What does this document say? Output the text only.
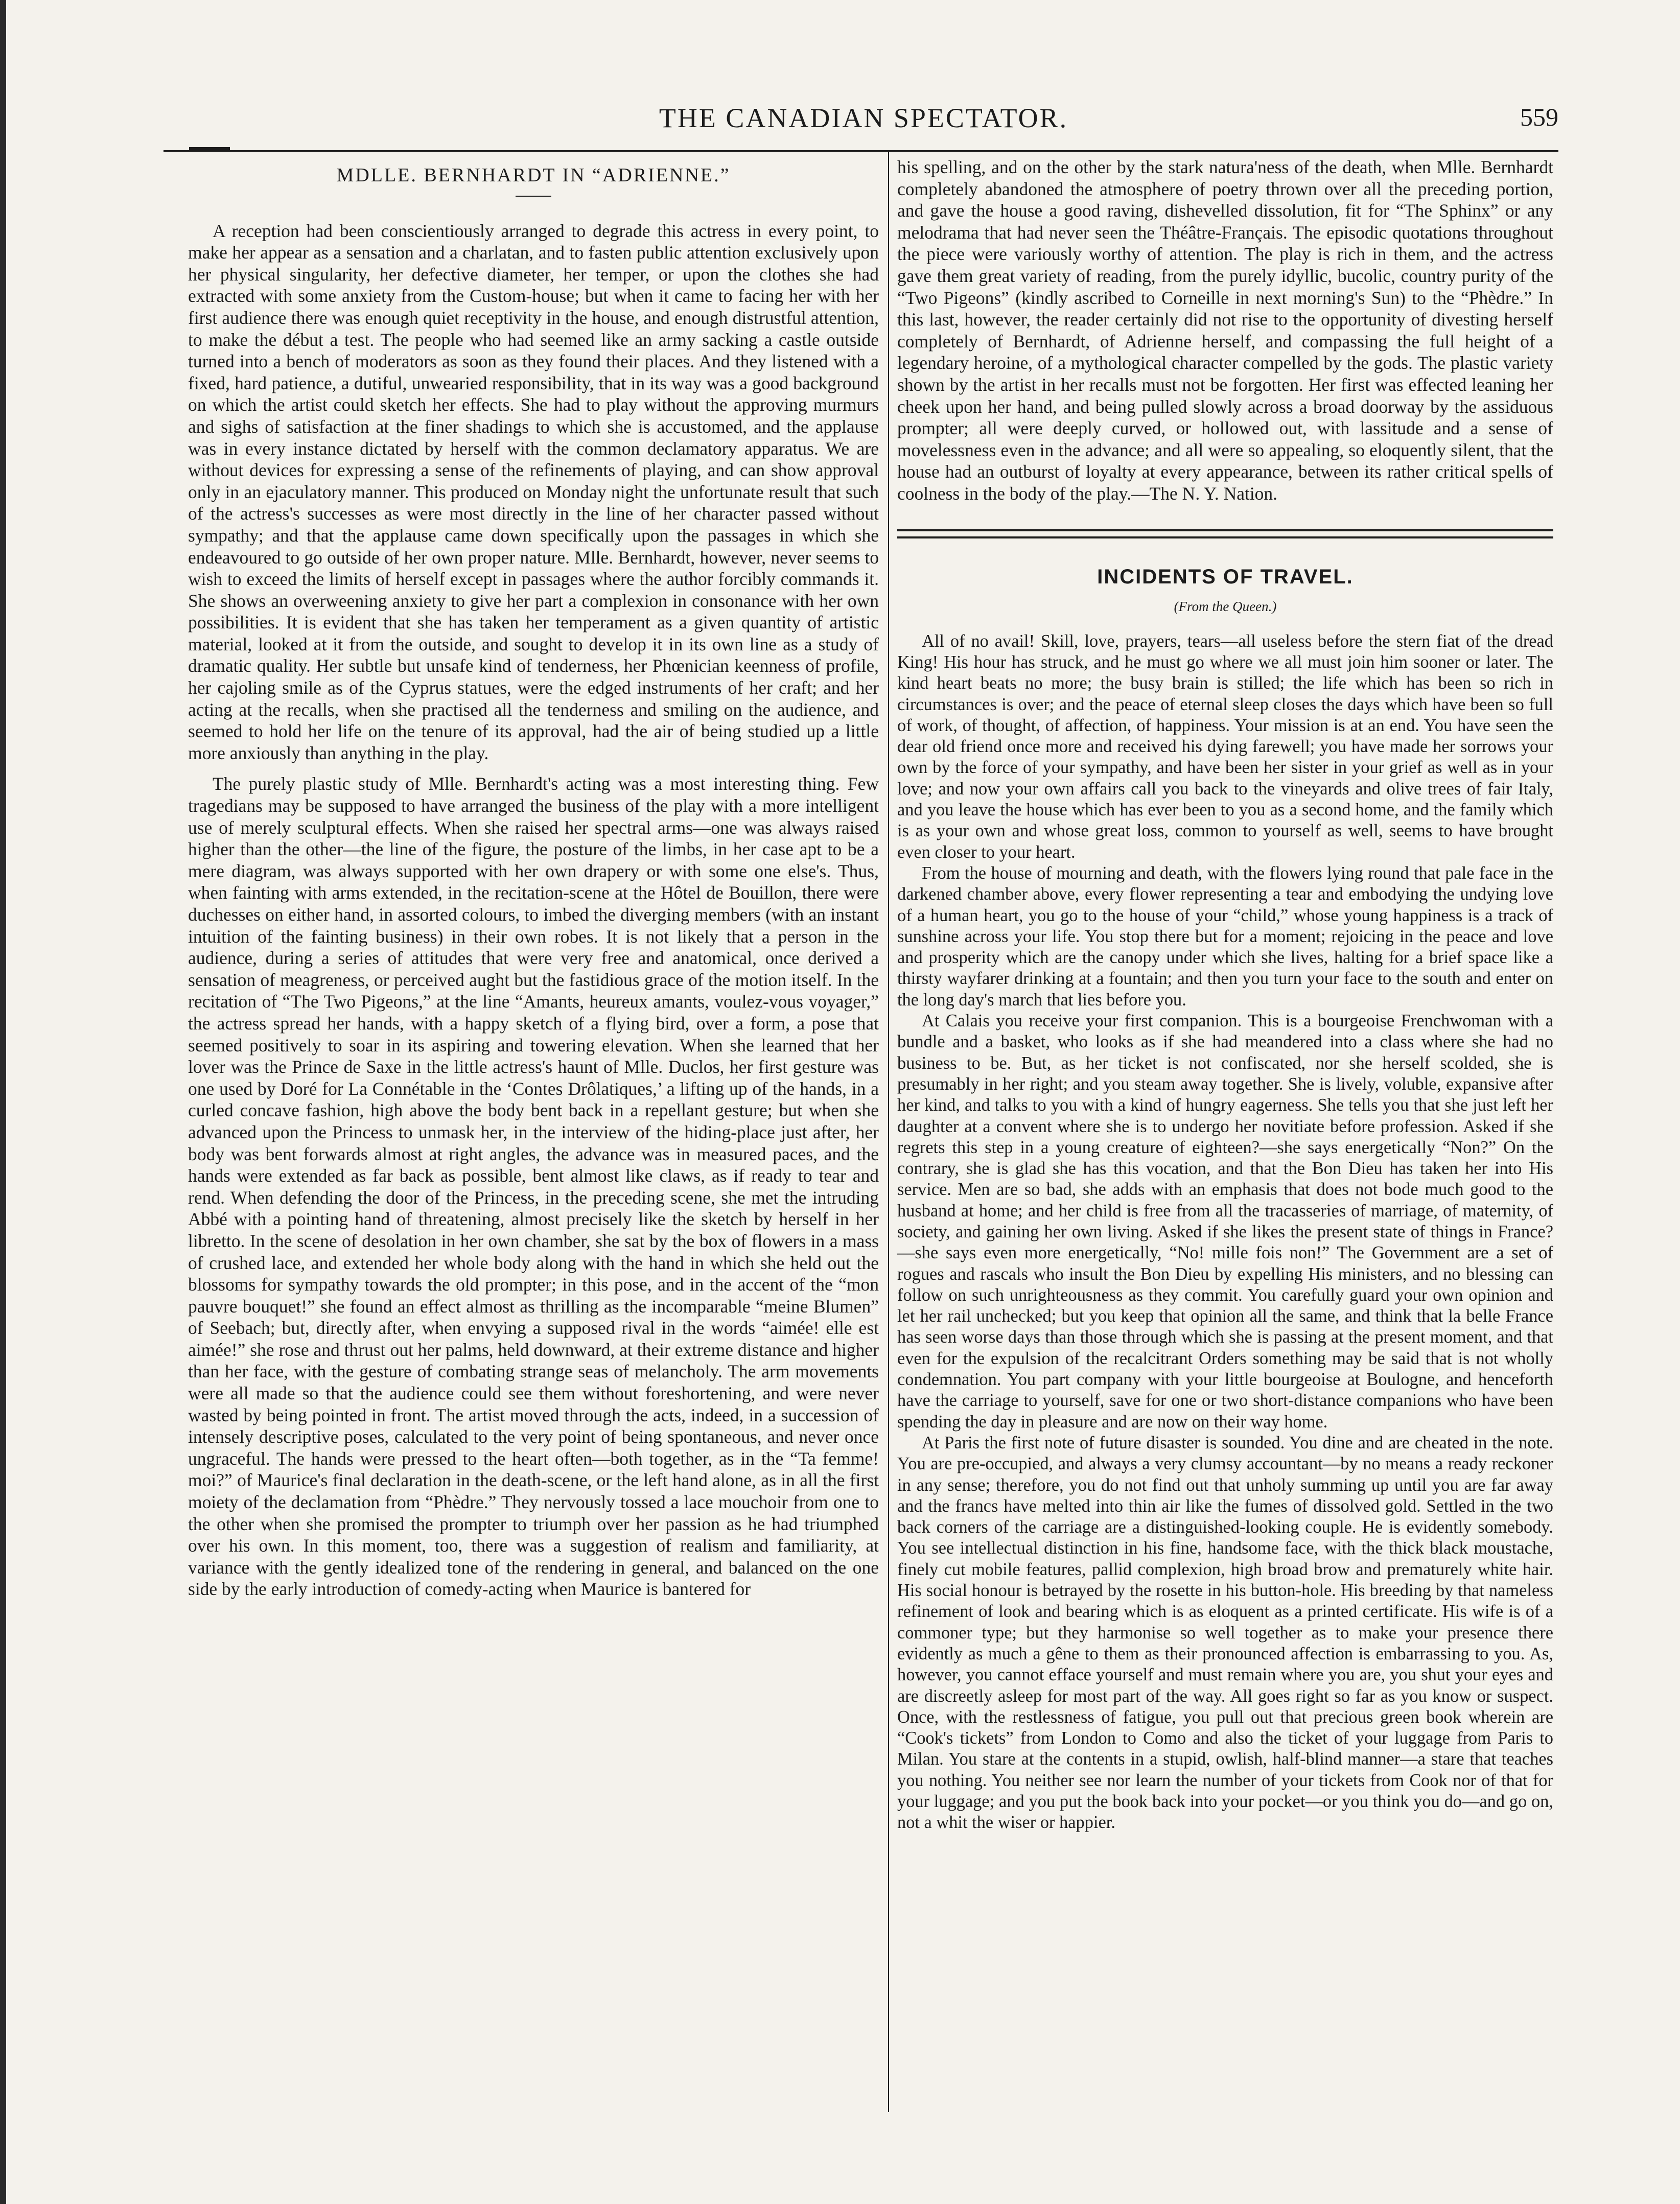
THE CANADIAN SPECTATOR.	559
MDLLE. BERNHARDT IN “ADRIENNE.”

A reception had been conscientiously arranged to degrade this actress in every point, to make her appear as a sensation and a charlatan, and to fasten public attention exclusively upon her physical singularity, her defective diameter, her temper, or upon the clothes she had extracted with some anxiety from the Custom-house; but when it came to facing her with her first audience there was enough quiet receptivity in the house, and enough distrustful attention, to make the début a test. The people who had seemed like an army sacking a castle outside turned into a bench of moderators as soon as they found their places. And they listened with a fixed, hard patience, a dutiful, unwearied responsibility, that in its way was a good background on which the artist could sketch her effects. She had to play without the approving murmurs and sighs of satisfaction at the finer shadings to which she is accustomed, and the applause was in every instance dictated by herself with the common declamatory apparatus. We are without devices for expressing a sense of the refinements of playing, and can show approval only in an ejaculatory manner. This produced on Monday night the unfortunate result that such of the actress's successes as were most directly in the line of her character passed without sympathy; and that the applause came down specifically upon the passages in which she endeavoured to go outside of her own proper nature. Mlle. Bernhardt, however, never seems to wish to exceed the limits of herself except in passages where the author forcibly commands it. She shows an overweening anxiety to give her part a complexion in consonance with her own possibilities. It is evident that she has taken her temperament as a given quantity of artistic material, looked at it from the outside, and sought to develop it in its own line as a study of dramatic quality. Her subtle but unsafe kind of tenderness, her Phœnician keenness of profile, her cajoling smile as of the Cyprus statues, were the edged instruments of her craft; and her acting at the recalls, when she practised all the tenderness and smiling on the audience, and seemed to hold her life on the tenure of its approval, had the air of being studied up a little more anxiously than anything in the play.

The purely plastic study of Mlle. Bernhardt's acting was a most interesting thing. Few tragedians may be supposed to have arranged the business of the play with a more intelligent use of merely sculptural effects. When she raised her spectral arms—one was always raised higher than the other—the line of the figure, the posture of the limbs, in her case apt to be a mere diagram, was always supported with her own drapery or with some one else's. Thus, when fainting with arms extended, in the recitation-scene at the Hôtel de Bouillon, there were duchesses on either hand, in assorted colours, to imbed the diverging members (with an instant intuition of the fainting business) in their own robes. It is not likely that a person in the audience, during a series of attitudes that were very free and anatomical, once derived a sensation of meagreness, or perceived aught but the fastidious grace of the motion itself. In the recitation of “The Two Pigeons,” at the line “Amants, heureux amants, voulez-vous voyager,” the actress spread her hands, with a happy sketch of a flying bird, over a form, a pose that seemed positively to soar in its aspiring and towering elevation. When she learned that her lover was the Prince de Saxe in the little actress's haunt of Mlle. Duclos, her first gesture was one used by Doré for La Connétable in the ‘Contes Drôlatiques,’ a lifting up of the hands, in a curled concave fashion, high above the body bent back in a repellant gesture; but when she advanced upon the Princess to unmask her, in the interview of the hiding-place just after, her body was bent forwards almost at right angles, the advance was in measured paces, and the hands were extended as far back as possible, bent almost like claws, as if ready to tear and rend. When defending the door of the Princess, in the preceding scene, she met the intruding Abbé with a pointing hand of threatening, almost precisely like the sketch by herself in her libretto. In the scene of desolation in her own chamber, she sat by the box of flowers in a mass of crushed lace, and extended her whole body along with the hand in which she held out the blossoms for sympathy towards the old prompter; in this pose, and in the accent of the “mon pauvre bouquet!” she found an effect almost as thrilling as the incomparable “meine Blumen” of Seebach; but, directly after, when envying a supposed rival in the words “aimée! elle est aimée!” she rose and thrust out her palms, held downward, at their extreme distance and higher than her face, with the gesture of combating strange seas of melancholy. The arm movements were all made so that the audience could see them without foreshortening, and were never wasted by being pointed in front. The artist moved through the acts, indeed, in a succession of intensely descriptive poses, calculated to the very point of being spontaneous, and never once ungraceful. The hands were pressed to the heart often—both together, as in the “Ta femme! moi?” of Maurice's final declaration in the death-scene, or the left hand alone, as in all the first moiety of the declamation from “Phèdre.” They nervously tossed a lace mouchoir from one to the other when she promised the prompter to triumph over her passion as he had triumphed over his own. In this moment, too, there was a suggestion of realism and familiarity, at variance with the gently idealized tone of the rendering in general, and balanced on the one side by the early introduction of comedy-acting when Maurice is bantered for

his spelling, and on the other by the stark natura'ness of the death, when Mlle. Bernhardt completely abandoned the atmosphere of poetry thrown over all the preceding portion, and gave the house a good raving, dishevelled dissolution, fit for “The Sphinx” or any melodrama that had never seen the Théâtre-Français. The episodic quotations throughout the piece were variously worthy of attention. The play is rich in them, and the actress gave them great variety of reading, from the purely idyllic, bucolic, country purity of the “Two Pigeons” (kindly ascribed to Corneille in next morning's Sun) to the “Phèdre.” In this last, however, the reader certainly did not rise to the opportunity of divesting herself completely of Bernhardt, of Adrienne herself, and compassing the full height of a legendary heroine, of a mythological character compelled by the gods. The plastic variety shown by the artist in her recalls must not be forgotten. Her first was effected leaning her cheek upon her hand, and being pulled slowly across a broad doorway by the assiduous prompter; all were deeply curved, or hollowed out, with lassitude and a sense of movelessness even in the advance; and all were so appealing, so eloquently silent, that the house had an outburst of loyalty at every appearance, between its rather critical spells of coolness in the body of the play.—The N. Y. Nation.

INCIDENTS OF TRAVEL.
(From the Queen.)

All of no avail! Skill, love, prayers, tears—all useless before the stern fiat of the dread King! His hour has struck, and he must go where we all must join him sooner or later. The kind heart beats no more; the busy brain is stilled; the life which has been so rich in circumstances is over; and the peace of eternal sleep closes the days which have been so full of work, of thought, of affection, of happiness. Your mission is at an end. You have seen the dear old friend once more and received his dying farewell; you have made her sorrows your own by the force of your sympathy, and have been her sister in your grief as well as in your love; and now your own affairs call you back to the vineyards and olive trees of fair Italy, and you leave the house which has ever been to you as a second home, and the family which is as your own and whose great loss, common to yourself as well, seems to have brought even closer to your heart.

From the house of mourning and death, with the flowers lying round that pale face in the darkened chamber above, every flower representing a tear and embodying the undying love of a human heart, you go to the house of your “child,” whose young happiness is a track of sunshine across your life. You stop there but for a moment; rejoicing in the peace and love and prosperity which are the canopy under which she lives, halting for a brief space like a thirsty wayfarer drinking at a fountain; and then you turn your face to the south and enter on the long day's march that lies before you.

At Calais you receive your first companion. This is a bourgeoise Frenchwoman with a bundle and a basket, who looks as if she had meandered into a class where she had no business to be. But, as her ticket is not confiscated, nor she herself scolded, she is presumably in her right; and you steam away together. She is lively, voluble, expansive after her kind, and talks to you with a kind of hungry eagerness. She tells you that she just left her daughter at a convent where she is to undergo her novitiate before profession. Asked if she regrets this step in a young creature of eighteen?—she says energetically “Non?” On the contrary, she is glad she has this vocation, and that the Bon Dieu has taken her into His service. Men are so bad, she adds with an emphasis that does not bode much good to the husband at home; and her child is free from all the tracasseries of marriage, of maternity, of society, and gaining her own living. Asked if she likes the present state of things in France?—she says even more energetically, “No! mille fois non!” The Government are a set of rogues and rascals who insult the Bon Dieu by expelling His ministers, and no blessing can follow on such unrighteousness as they commit. You carefully guard your own opinion and let her rail unchecked; but you keep that opinion all the same, and think that la belle France has seen worse days than those through which she is passing at the present moment, and that even for the expulsion of the recalcitrant Orders something may be said that is not wholly condemnation. You part company with your little bourgeoise at Boulogne, and henceforth have the carriage to yourself, save for one or two short-distance companions who have been spending the day in pleasure and are now on their way home.

At Paris the first note of future disaster is sounded. You dine and are cheated in the note. You are pre-occupied, and always a very clumsy accountant—by no means a ready reckoner in any sense; therefore, you do not find out that unholy summing up until you are far away and the francs have melted into thin air like the fumes of dissolved gold. Settled in the two back corners of the carriage are a distinguished-looking couple. He is evidently somebody. You see intellectual distinction in his fine, handsome face, with the thick black moustache, finely cut mobile features, pallid complexion, high broad brow and prematurely white hair. His social honour is betrayed by the rosette in his button-hole. His breeding by that nameless refinement of look and bearing which is as eloquent as a printed certificate. His wife is of a commoner type; but they harmonise so well together as to make your presence there evidently as much a gêne to them as their pronounced affection is embarrassing to you. As, however, you cannot efface yourself and must remain where you are, you shut your eyes and are discreetly asleep for most part of the way. All goes right so far as you know or suspect. Once, with the restlessness of fatigue, you pull out that precious green book wherein are “Cook's tickets” from London to Como and also the ticket of your luggage from Paris to Milan. You stare at the contents in a stupid, owlish, half-blind manner—a stare that teaches you nothing. You neither see nor learn the number of your tickets from Cook nor of that for your luggage; and you put the book back into your pocket—or you think you do—and go on, not a whit the wiser or happier.
